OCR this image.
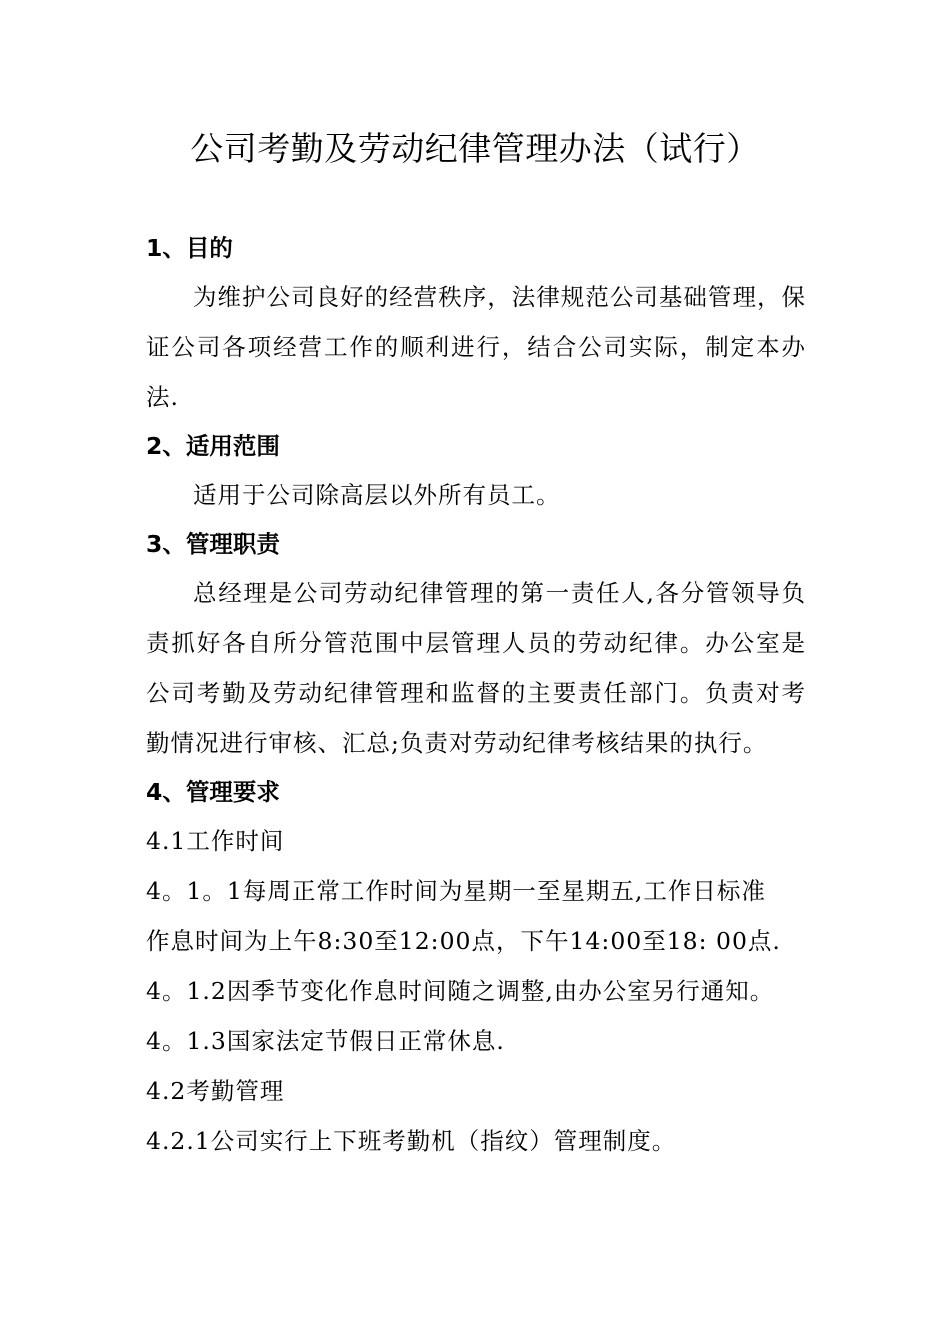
公司考勤及劳动纪律管理办法（试行）
1、目的
为维护公司良好的经营秩序，法律规范公司基础管理，保证公司各项经营工作的顺利进行，结合公司实际，制定本办法.
2、适用范围
适用于公司除高层以外所有员工。
3、管理职责
总经理是公司劳动纪律管理的第一责任人,各分管领导负责抓好各自所分管范围中层管理人员的劳动纪律。办公室是公司考勤及劳动纪律管理和监督的主要责任部门。负责对考勤情况进行审核、汇总;负责对劳动纪律考核结果的执行。
4、管理要求
4.1工作时间
4。1。1每周正常工作时间为星期一至星期五,工作日标准
作息时间为上午8:30至12:00点，下午14:00至18: 00点.
4。1.2因季节变化作息时间随之调整,由办公室另行通知。
4。1.3国家法定节假日正常休息.
4.2考勤管理
4.2.1公司实行上下班考勤机（指纹）管理制度。
